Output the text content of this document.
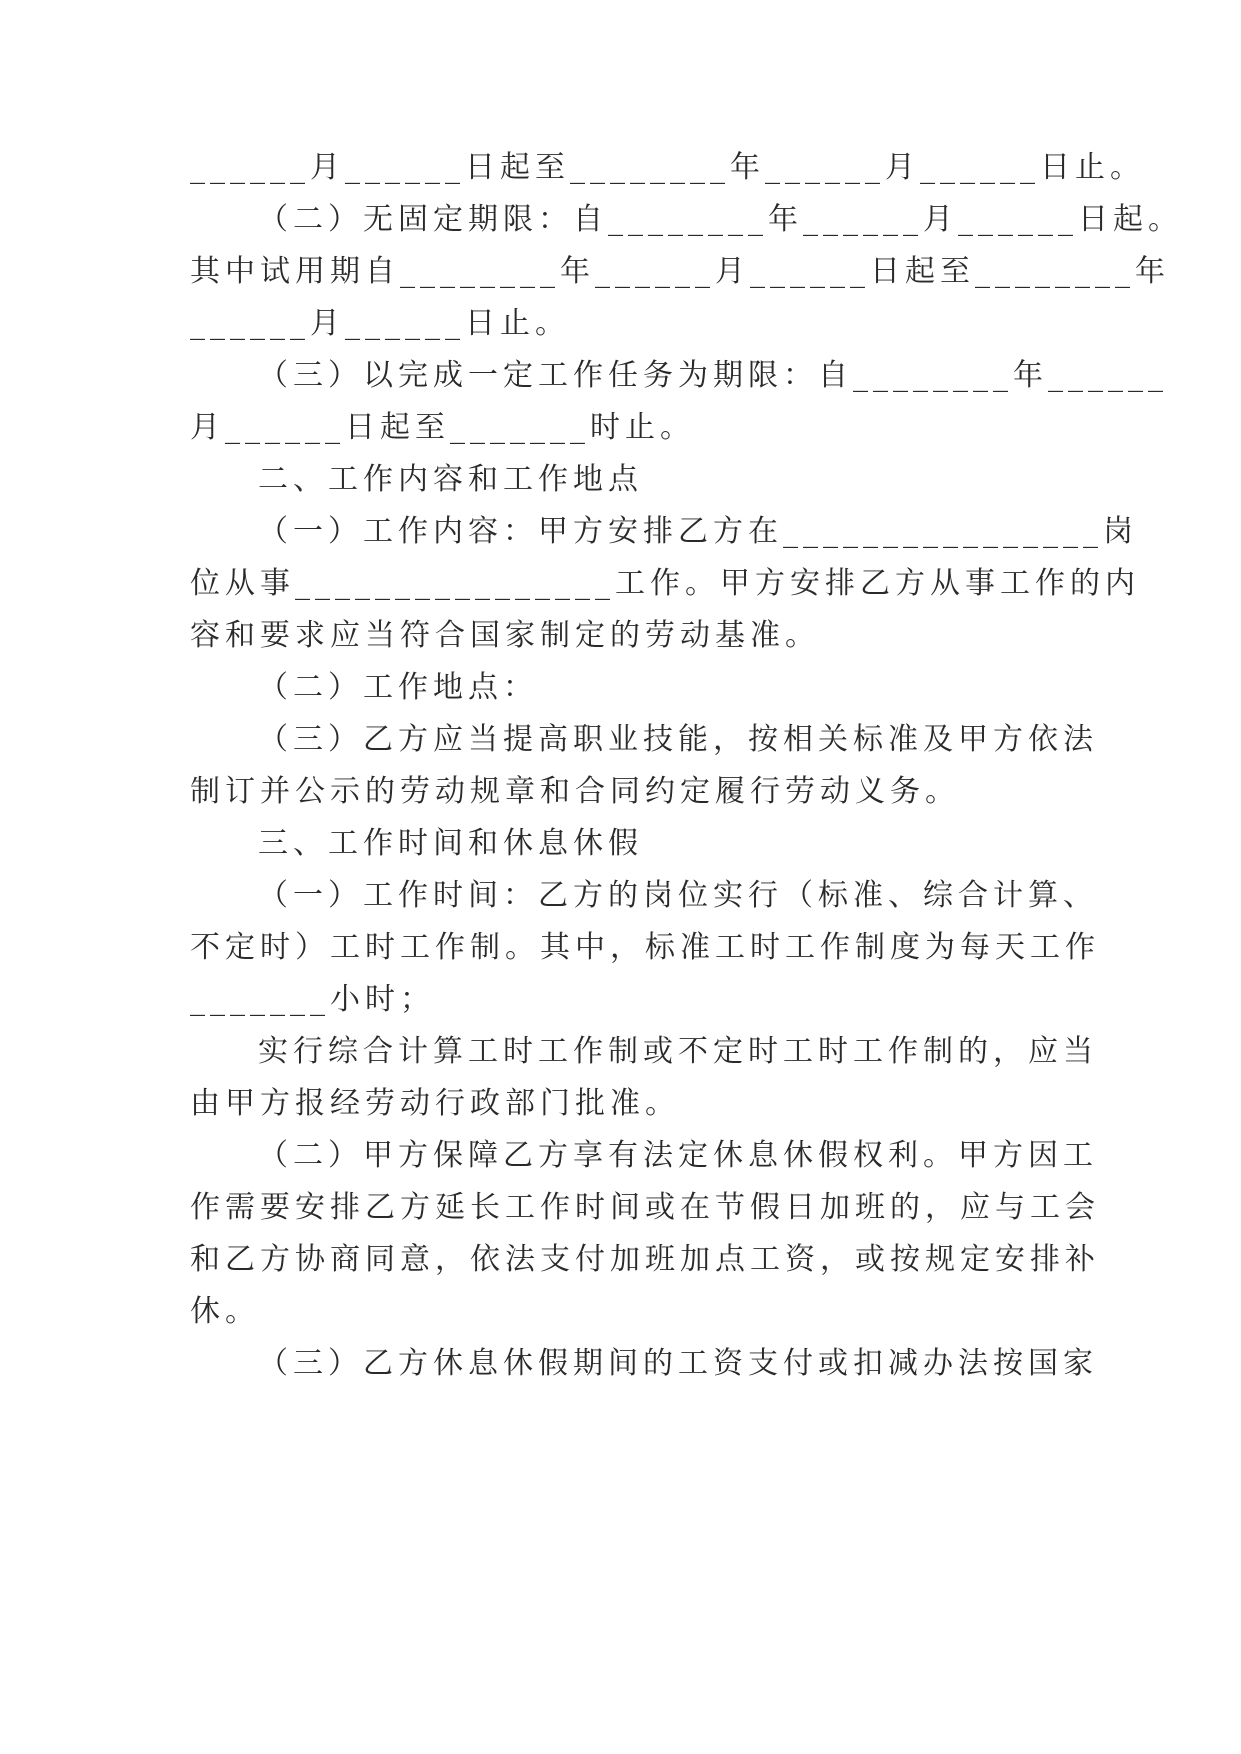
______月______日起至________年______月______日止。
（二）无固定期限：自________年______月______日起。
其中试用期自________年______月______日起至________年
______月______日止。
（三）以完成一定工作任务为期限：自________年______
月______日起至_______时止。
二、工作内容和工作地点
（一）工作内容：甲方安排乙方在________________岗
位从事________________工作。甲方安排乙方从事工作的内
容和要求应当符合国家制定的劳动基准。
（二）工作地点：
（三）乙方应当提高职业技能，按相关标准及甲方依法
制订并公示的劳动规章和合同约定履行劳动义务。
三、工作时间和休息休假
（一）工作时间：乙方的岗位实行（标准、综合计算、
不定时）工时工作制。其中，标准工时工作制度为每天工作
_______小时；
实行综合计算工时工作制或不定时工时工作制的，应当
由甲方报经劳动行政部门批准。
（二）甲方保障乙方享有法定休息休假权利。甲方因工
作需要安排乙方延长工作时间或在节假日加班的，应与工会
和乙方协商同意，依法支付加班加点工资，或按规定安排补
休。
（三）乙方休息休假期间的工资支付或扣减办法按国家
